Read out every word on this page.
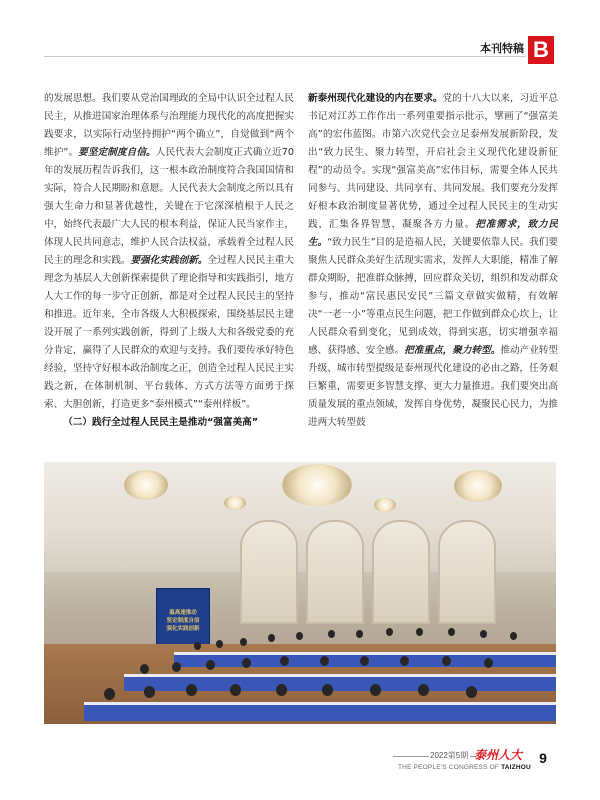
本刊特稿 B

的发展思想。我们要从党治国理政的全局中认识全过程人民民主，从推进国家治理体系与治理能力现代化的高度把握实践要求，以实际行动坚持拥护“两个确立”，自觉做到“两个维护”。要坚定制度自信。人民代表大会制度正式确立近70年的发展历程告诉我们，这一根本政治制度符合我国国情和实际，符合人民期盼和意愿。人民代表大会制度之所以具有强大生命力和显著优越性，关键在于它深深植根于人民之中，始终代表最广大人民的根本利益，保证人民当家作主，体现人民共同意志，维护人民合法权益，承载着全过程人民民主的理念和实践。要强化实践创新。全过程人民民主重大理念为基层人大创新探索提供了理论指导和实践指引，地方人大工作的每一步守正创新，都是对全过程人民民主的坚持和推进。近年来，全市各级人大积极探索，围绕基层民主建设开展了一系列实践创新，得到了上级人大和各级党委的充分肯定，赢得了人民群众的欢迎与支持。我们要传承好特色经验，坚持守好根本政治制度之正，创造全过程人民民主实践之新，在体制机制、平台载体、方式方法等方面勇于探索、大胆创新，打造更多“泰州模式”“泰州样板”。

（二）践行全过程人民民主是推动“强富美高”

新泰州现代化建设的内在要求。党的十八大以来，习近平总书记对江苏工作作出一系列重要指示批示，擘画了“强富美高”的宏伟蓝图。市第六次党代会立足泰州发展新阶段，发出“致力民生、聚力转型，开启社会主义现代化建设新征程”的动员令。实现“强富美高”宏伟目标，需要全体人民共同参与、共同建设、共同享有、共同发展。我们要充分发挥好根本政治制度显著优势，通过全过程人民民主的生动实践，汇集各界智慧，凝聚各方力量。把准需求，致力民生。“致力民生”目的是造福人民，关键要依靠人民。我们要聚焦人民群众美好生活现实需求，发挥人大职能，精准了解群众期盼，把准群众脉搏，回应群众关切，组织和发动群众参与，推动“富民惠民安民”三篇文章做实做精，有效解决“一老一小”等重点民生问题，把工作做到群众心坎上，让人民群众看到变化，见到成效，得到实惠，切实增强幸福感、获得感、安全感。把准重点，聚力转型。推动产业转型升级、城市转型提级是泰州现代化建设的必由之路，任务艰巨繁重，需要更多智慧支撑、更大力量推进。我们要突出高质量发展的重点领域，发挥自身优势，凝聚民心民力，为推进两大转型鼓

温高速推动
坚定制度自信
强化实践创新
2022第5期 泰州人大
THE PEOPLE'S CONGRESS OF TAIZHOU
9
